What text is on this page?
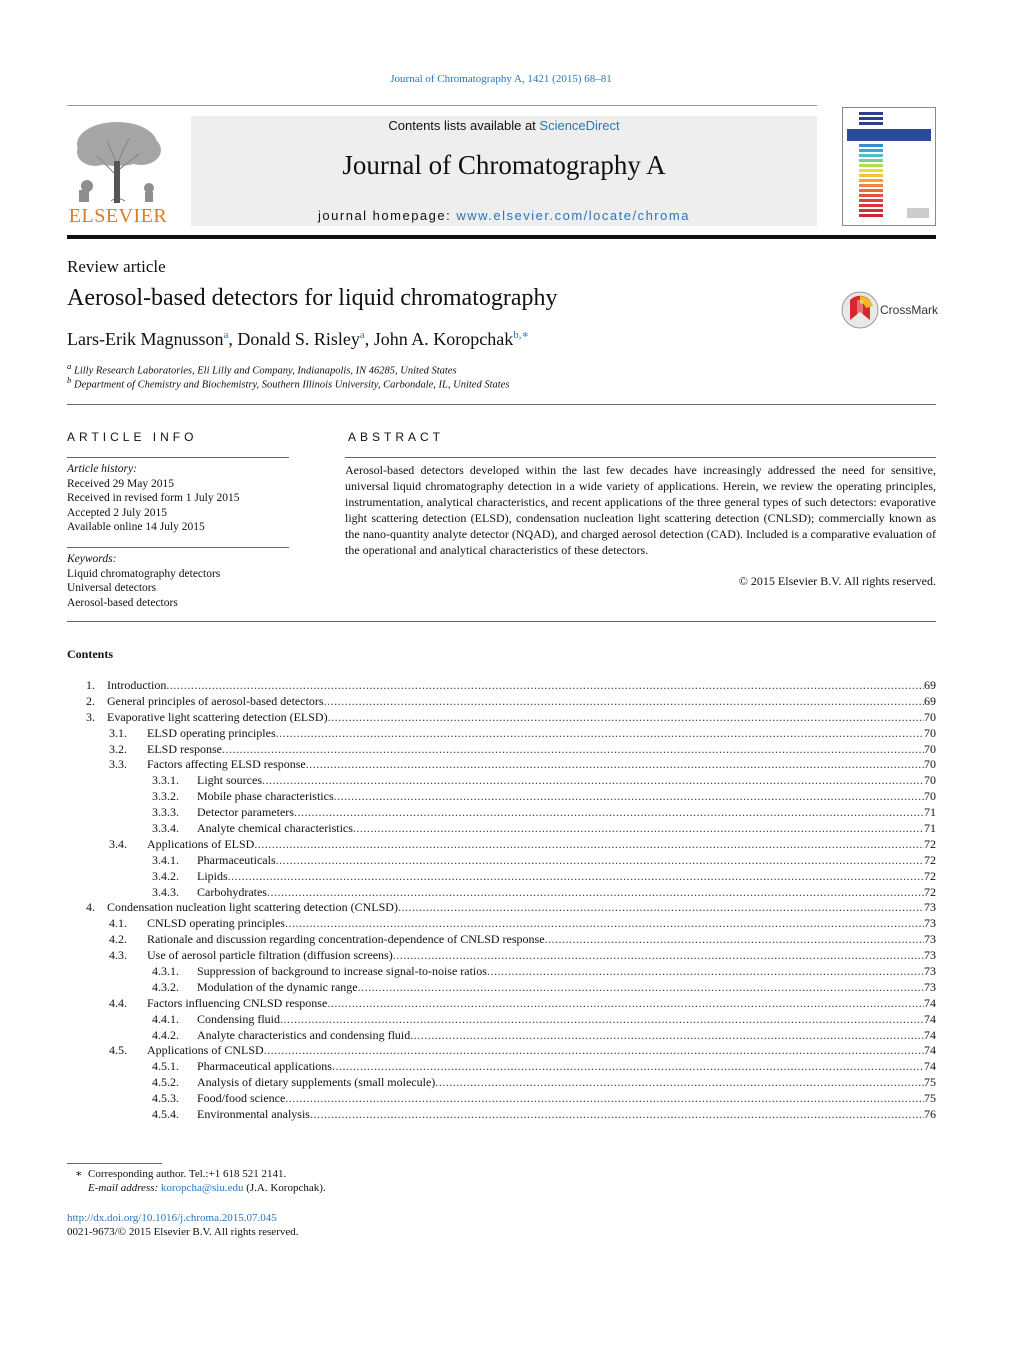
Journal of Chromatography A, 1421 (2015) 68–81
ELSEVIER
Contents lists available at ScienceDirect
Journal of Chromatography A
journal homepage: www.elsevier.com/locate/chroma
Review article
Aerosol-based detectors for liquid chromatography	CrossMark
Lars-Erik Magnusson$^a$, Donald S. Risley$^a$, John A. Koropchak$^{b,∗}$
$^a$ Lilly Research Laboratories, Eli Lilly and Company, Indianapolis, IN 46285, United States
$^b$ Department of Chemistry and Biochemistry, Southern Illinois University, Carbondale, IL, United States
ARTICLE INFO
Article history:
Received 29 May 2015
Received in revised form 1 July 2015
Accepted 2 July 2015
Available online 14 July 2015
Keywords:
Liquid chromatography detectors
Universal detectors
Aerosol-based detectors
ABSTRACT
Aerosol-based detectors developed within the last few decades have increasingly addressed the need for sensitive, universal liquid chromatography detection in a wide variety of applications. Herein, we review the operating principles, instrumentation, analytical characteristics, and recent applications of the three general types of such detectors: evaporative light scattering detection (ELSD), condensation nucleation light scattering detection (CNLSD); commercially known as the nano-quantity analyte detector (NQAD), and charged aerosol detection (CAD). Included is a comparative evaluation of the operational and analytical characteristics of these detectors.
© 2015 Elsevier B.V. All rights reserved.
Contents
1. Introduction .....	69
2. General principles of aerosol-based detectors .....	69
3. Evaporative light scattering detection (ELSD) .....	70
3.1. ELSD operating principles .....	70
3.2. ELSD response .....	70
3.3. Factors affecting ELSD response .....	70
3.3.1. Light sources .....	70
3.3.2. Mobile phase characteristics .....	70
3.3.3. Detector parameters .....	71
3.3.4. Analyte chemical characteristics .....	71
3.4. Applications of ELSD .....	72
3.4.1. Pharmaceuticals .....	72
3.4.2. Lipids .....	72
3.4.3. Carbohydrates .....	72
4. Condensation nucleation light scattering detection (CNLSD) .....	73
4.1. CNLSD operating principles .....	73
4.2. Rationale and discussion regarding concentration-dependence of CNLSD response .....	73
4.3. Use of aerosol particle filtration (diffusion screens) .....	73
4.3.1. Suppression of background to increase signal-to-noise ratios .....	73
4.3.2. Modulation of the dynamic range .....	73
4.4. Factors influencing CNLSD response .....	74
4.4.1. Condensing fluid .....	74
4.4.2. Analyte characteristics and condensing fluid .....	74
4.5. Applications of CNLSD .....	74
4.5.1. Pharmaceutical applications .....	74
4.5.2. Analysis of dietary supplements (small molecule) .....	75
4.5.3. Food/food science .....	75
4.5.4. Environmental analysis .....	76
∗ Corresponding author. Tel.:+1 618 521 2141.
E-mail address: koropcha@siu.edu (J.A. Koropchak).
http://dx.doi.org/10.1016/j.chroma.2015.07.045
0021-9673/© 2015 Elsevier B.V. All rights reserved.
